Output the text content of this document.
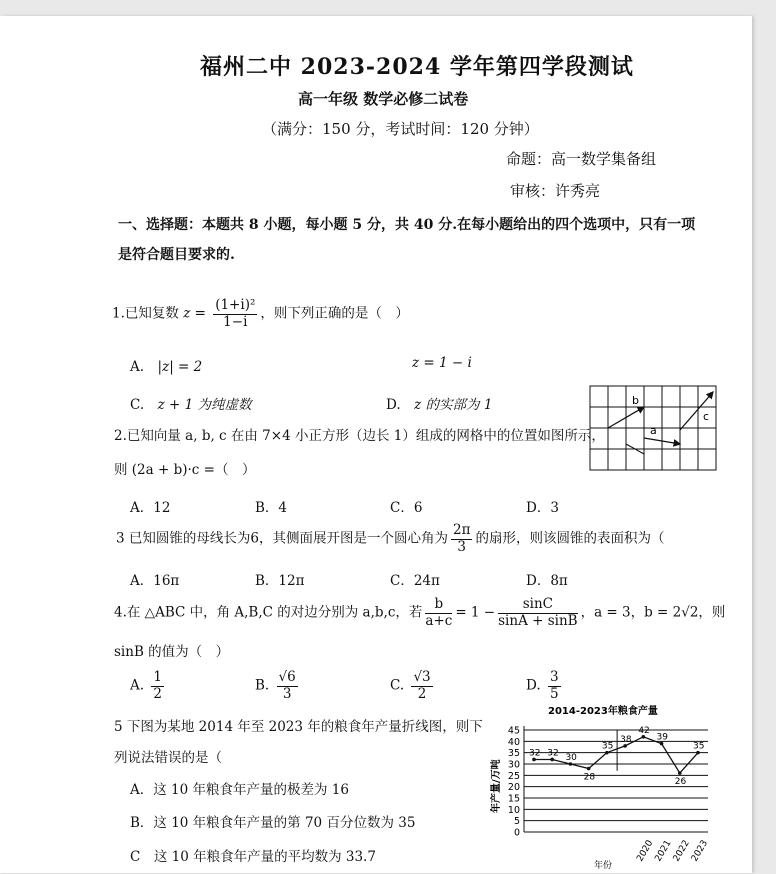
福州二中 2023-2024 学年第四学段测试
高一年级 数学必修二试卷
（满分：150 分，考试时间：120 分钟）
命题：高一数学集备组
审核：许秀亮
一、选择题：本题共 8 小题，每小题 5 分，共 40 分.在每小题给出的四个选项中，只有一项
是符合题目要求的.
1.已知复数 $z = \frac{\text{(1+i)²}}{1-i}$ ，则下列正确的是（　）
A.　 |z| = 2	z = 1 − i
C.　 z + 1 为纯虚数	D.　 z 的实部为 1
2.已知向量 a, b, c 在由 7×4 小正方形（边长 1）组成的网格中的位置如图所示，
则 (2a + b)·c =（　）
A．12	B．4	C．6	D．3
b
a
c
3 已知圆锥的母线长为6，其侧面展开图是一个圆心角为 $\frac{2\pi}{3}$ 的扇形，则该圆锥的表面积为（
A．16π	B．12π	C．24π	D．8π
4.在 △ABC 中，角 A,B,C 的对边分别为 a,b,c，若 $\frac{b}{a+c} = 1 - \frac{\sin C}{\sin A + \sin B}$ ，a = 3，b = 2√2，则
sinB 的值为（　）
A. $\frac{1}{2}$	B. $\frac{√6}{3}$	C. $\frac{√3}{2}$	D. $\frac{3}{5}$
5 下图为某地 2014 年至 2023 年的粮食年产量折线图，则下
列说法错误的是（
A．这 10 年粮食年产量的极差为 16
B．这 10 年粮食年产量的第 70 百分位数为 35
C　这 10 年粮食年产量的平均数为 33.7
2014-2023年粮食产量
0
5
10
15
20
25
30
35
40
45
年产量/万吨
32 32 30
28
35
38
42
39
26
35
2020
2021
2022
2023
年份
